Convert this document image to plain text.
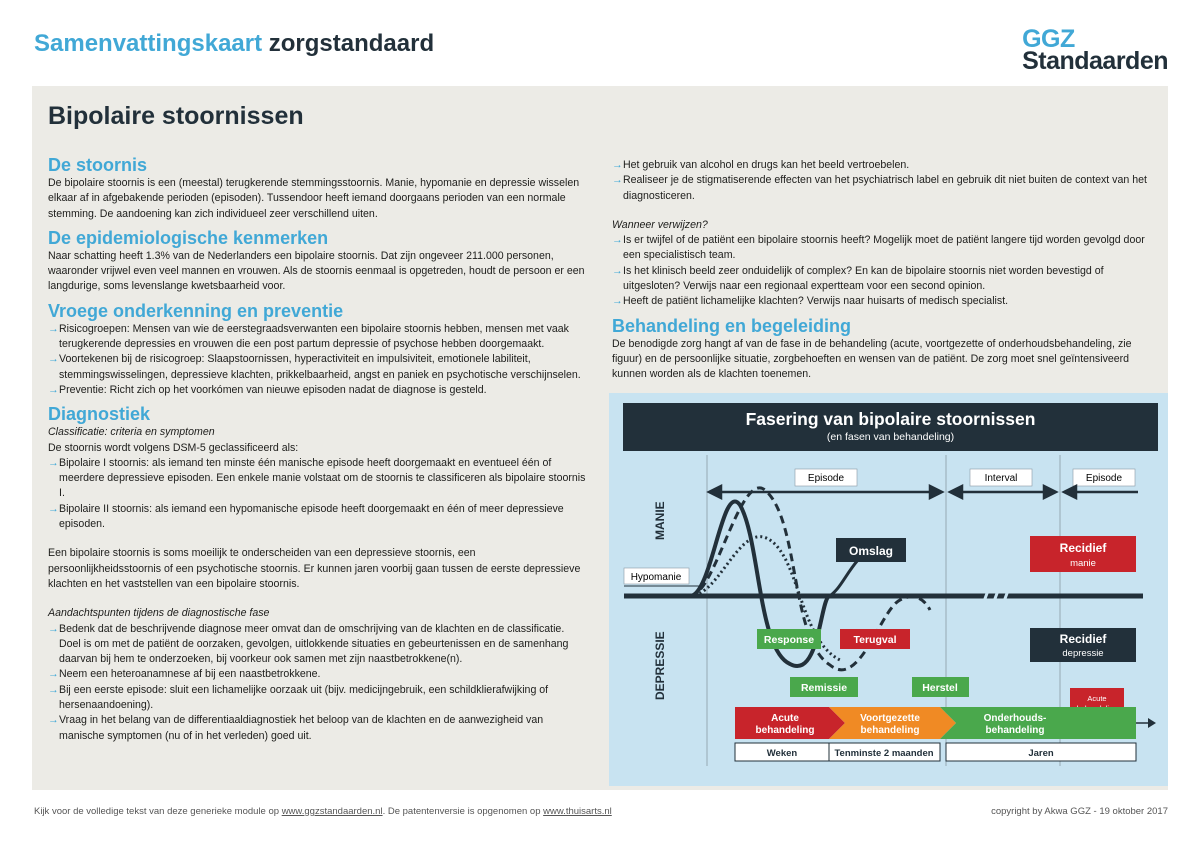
Samenvattingskaart zorgstandaard	GGZ
Standaarden
Bipolaire stoornissen
De stoornis
De bipolaire stoornis is een (meestal) terugkerende stemmingsstoornis. Manie, hypomanie en depressie wisselen elkaar af in afgebakende perioden (episoden). Tussendoor heeft iemand doorgaans perioden van een normale stemming. De aandoening kan zich individueel zeer verschillend uiten.
De epidemiologische kenmerken
Naar schatting heeft 1.3% van de Nederlanders een bipolaire stoornis. Dat zijn ongeveer 211.000 personen, waaronder vrijwel even veel mannen en vrouwen. Als de stoornis eenmaal is opgetreden, houdt de persoon er een langdurige, soms levenslange kwetsbaarheid voor.
Vroege onderkenning en preventie
→ Risicogroepen: Mensen van wie de eerstegraadsverwanten een bipolaire stoornis hebben, mensen met vaak terugkerende depressies en vrouwen die een post partum depressie of psychose hebben doorgemaakt.
→ Voortekenen bij de risicogroep: Slaapstoornissen, hyperactiviteit en impulsiviteit, emotionele labiliteit, stemmingswisselingen, depressieve klachten, prikkelbaarheid, angst en paniek en psychotische verschijnselen.
→ Preventie: Richt zich op het voorkómen van nieuwe episoden nadat de diagnose is gesteld.
Diagnostiek
Classificatie: criteria en symptomen
De stoornis wordt volgens DSM-5 geclassificeerd als:
→ Bipolaire I stoornis: als iemand ten minste één manische episode heeft doorgemaakt en eventueel één of meerdere depressieve episoden. Een enkele manie volstaat om de stoornis te classificeren als bipolaire stoornis I.
→ Bipolaire II stoornis: als iemand een hypomanische episode heeft doorgemaakt en één of meer depressieve episoden.
Een bipolaire stoornis is soms moeilijk te onderscheiden van een depressieve stoornis, een persoonlijkheidsstoornis of een psychotische stoornis. Er kunnen jaren voorbij gaan tussen de eerste depressieve klachten en het vaststellen van een bipolaire stoornis.
Aandachtspunten tijdens de diagnostische fase
→ Bedenk dat de beschrijvende diagnose meer omvat dan de omschrijving van de klachten en de classificatie. Doel is om met de patiënt de oorzaken, gevolgen, uitlokkende situaties en gebeurtenissen en de samenhang daarvan bij hem te onderzoeken, bij voorkeur ook samen met zijn naastbetrokkene(n).
→ Neem een heteroanamnese af bij een naastbetrokkene.
→ Bij een eerste episode: sluit een lichamelijke oorzaak uit (bijv. medicijngebruik, een schildklierafwijking of hersenaandoening).
→ Vraag in het belang van de differentiaaldiagnostiek het beloop van de klachten en de aanwezigheid van manische symptomen (nu of in het verleden) goed uit.
→ Het gebruik van alcohol en drugs kan het beeld vertroebelen.
→ Realiseer je de stigmatiserende effecten van het psychiatrisch label en gebruik dit niet buiten de context van het diagnosticeren.
Wanneer verwijzen?
→ Is er twijfel of de patiënt een bipolaire stoornis heeft? Mogelijk moet de patiënt langere tijd worden gevolgd door een specialistisch team.
→ Is het klinisch beeld zeer onduidelijk of complex? En kan de bipolaire stoornis niet worden bevestigd of uitgesloten? Verwijs naar een regionaal expertteam voor een second opinion.
→ Heeft de patiënt lichamelijke klachten? Verwijs naar huisarts of medisch specialist.
Behandeling en begeleiding
De benodigde zorg hangt af van de fase in de behandeling (acute, voortgezette of onderhoudsbehandeling, zie figuur) en de persoonlijke situatie, zorgbehoeften en wensen van de patiënt. De zorg moet snel geïntensiveerd kunnen worden als de klachten toenemen.
Fasering van bipolaire stoornissen
(en fasen van behandeling)
Episode	Interval	Episode
MANIE
DEPRESSIE
Hypomanie
Omslag	Recidief
manie
Recidief
depressie
Response	Terugval
Remissie	Herstel
Acute
Acute
behandeling
Voortgezette
behandeling
Onderhouds-
behandeling
Weken	Tenminste 2 maanden	Jaren
Kijk voor de volledige tekst van deze generieke module op www.ggzstandaarden.nl. De patentenversie is opgenomen op www.thuisarts.nl	copyright by Akwa GGZ - 19 oktober 2017
